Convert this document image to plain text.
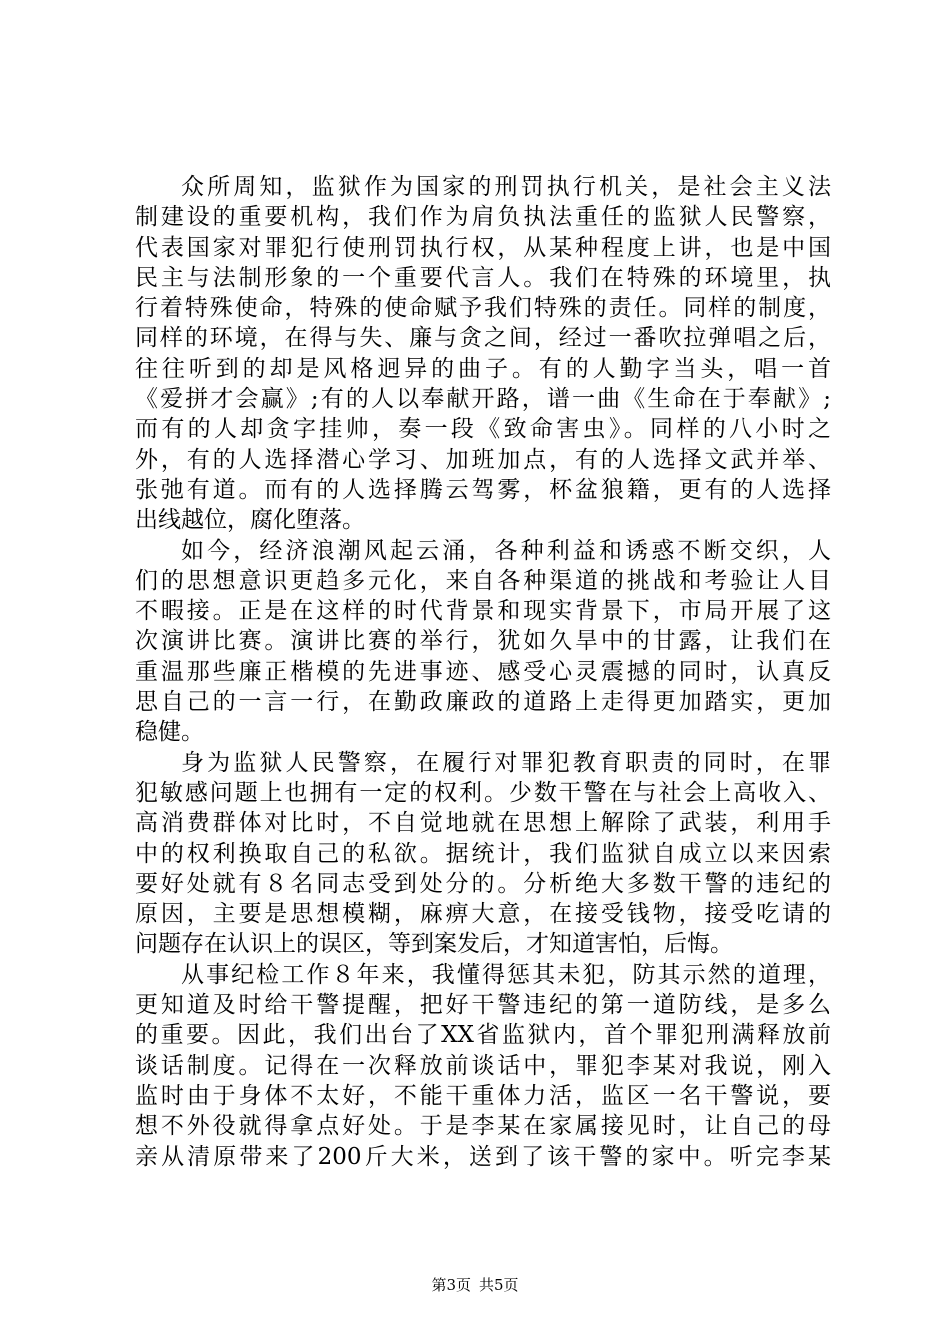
众所周知，监狱作为国家的刑罚执行机关，是社会主义法
制建设的重要机构，我们作为肩负执法重任的监狱人民警察，
代表国家对罪犯行使刑罚执行权，从某种程度上讲，也是中国
民主与法制形象的一个重要代言人。我们在特殊的环境里，执
行着特殊使命，特殊的使命赋予我们特殊的责任。同样的制度，
同样的环境，在得与失、廉与贪之间，经过一番吹拉弹唱之后，
往往听到的却是风格迥异的曲子。有的人勤字当头，唱一首
《爱拼才会赢》;有的人以奉献开路，谱一曲《生命在于奉献》;
而有的人却贪字挂帅，奏一段《致命害虫》。同样的八小时之
外，有的人选择潜心学习、加班加点，有的人选择文武并举、
张弛有道。而有的人选择腾云驾雾，杯盆狼籍，更有的人选择
出线越位，腐化堕落。
如今，经济浪潮风起云涌，各种利益和诱惑不断交织，人
们的思想意识更趋多元化，来自各种渠道的挑战和考验让人目
不暇接。正是在这样的时代背景和现实背景下，市局开展了这
次演讲比赛。演讲比赛的举行，犹如久旱中的甘露，让我们在
重温那些廉正楷模的先进事迹、感受心灵震撼的同时，认真反
思自己的一言一行，在勤政廉政的道路上走得更加踏实，更加
稳健。
身为监狱人民警察，在履行对罪犯教育职责的同时，在罪
犯敏感问题上也拥有一定的权利。少数干警在与社会上高收入、
高消费群体对比时，不自觉地就在思想上解除了武装，利用手
中的权利换取自己的私欲。据统计，我们监狱自成立以来因索
要好处就有８名同志受到处分的。分析绝大多数干警的违纪的
原因，主要是思想模糊，麻痹大意，在接受钱物，接受吃请的
问题存在认识上的误区，等到案发后，才知道害怕，后悔。
从事纪检工作８年来，我懂得惩其未犯，防其示然的道理，
更知道及时给干警提醒，把好干警违纪的第一道防线，是多么
的重要。因此，我们出台了XX省监狱内，首个罪犯刑满释放前
谈话制度。记得在一次释放前谈话中，罪犯李某对我说，刚入
监时由于身体不太好，不能干重体力活，监区一名干警说，要
想不外役就得拿点好处。于是李某在家属接见时，让自己的母
亲从清原带来了200斤大米，送到了该干警的家中。听完李某
第3页 共5页
